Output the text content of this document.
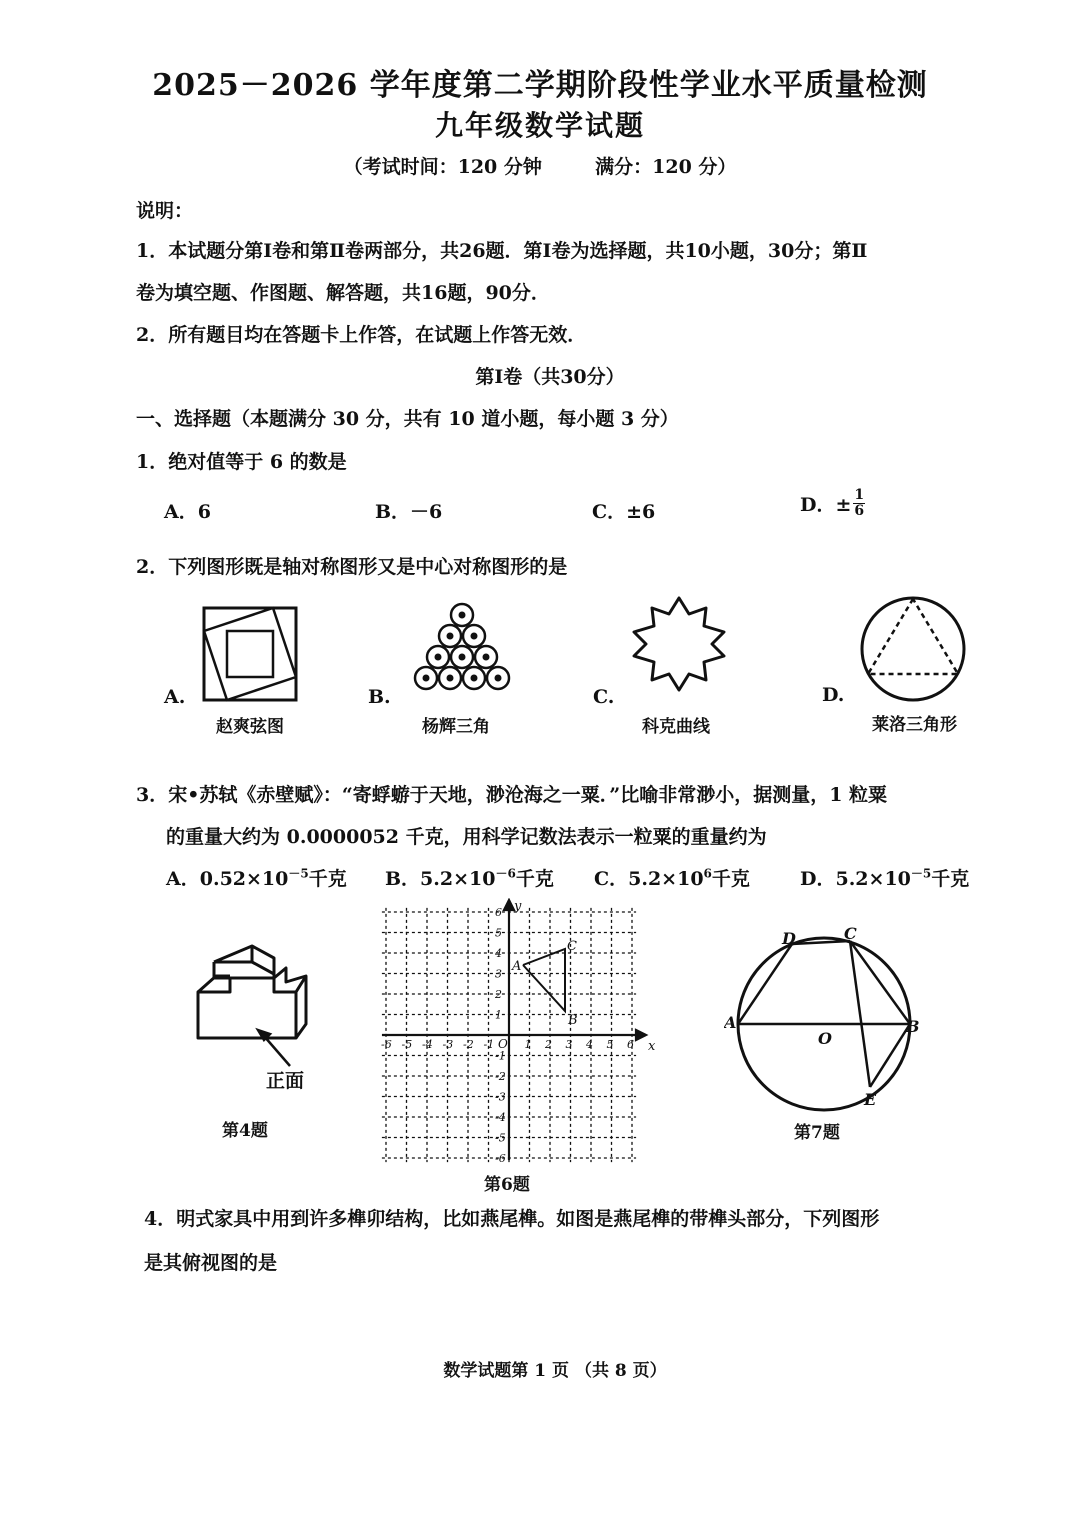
2025－2026 学年度第二学期阶段性学业水平质量检测
九年级数学试题
（考试时间：120 分钟	满分：120 分）
说明：
1．本试题分第Ⅰ卷和第Ⅱ卷两部分，共26题．第Ⅰ卷为选择题，共10小题，30分；第Ⅱ
卷为填空题、作图题、解答题，共16题，90分．
2．所有题目均在答题卡上作答，在试题上作答无效．
第Ⅰ卷（共30分）
一、选择题（本题满分 30 分，共有 10 道小题，每小题 3 分）
1．绝对值等于 6 的数是
A．6	B．－6	C．±6	D．± $\frac{1}{6}$
2．下列图形既是轴对称图形又是中心对称图形的是
A.
赵爽弦图
B.
杨辉三角
C.
科克曲线
D.
莱洛三角形
3．宋•苏轼《赤壁赋》：“寄蜉蝣于天地，渺沧海之一粟．”比喻非常渺小，据测量，1 粒粟
的重量大约为 0.0000052 千克，用科学记数法表示一粒粟的重量约为
A．$0.52\times 10^{-5}$千克 B．$5.2\times 10^{-6}$千克 C．$5.2\times 10^6$千克	D．$5.2\times 10^{-5}$千克
正面
第4题
-6
-6
-5
-5
-4
-4
-3
-3
-2
-2
-1
-1
1
1
2
2
3
3
4
4
5
5
6
6
A
C
B
O	x
y
第6题
D	C
A
O
B
E
第7题
4．明式家具中用到许多榫卯结构，比如燕尾榫。如图是燕尾榫的带榫头部分，下列图形
是其俯视图的是
数学试题第 1 页 （共 8 页）
